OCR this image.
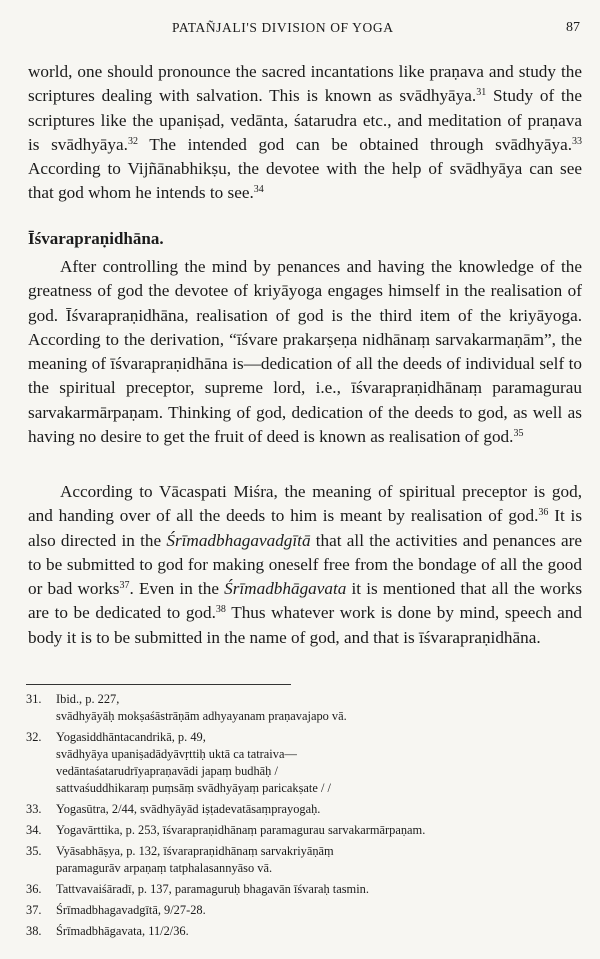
PATAÑJALI'S DIVISION OF YOGA	87

world, one should pronounce the sacred incantations like praṇava and study the scriptures dealing with salvation. This is known as svādhyāya.$^{31}$ Study of the scriptures like the upaniṣad, vedānta, śatarudra etc., and meditation of praṇava is svādhyāya.$^{32}$ The intended god can be obtained through svādhyāya.$^{33}$ According to Vijñānabhikṣu, the devotee with the help of svādhyāya can see that god whom he intends to see.$^{34}$

Īśvarapraṇidhāna.

After controlling the mind by penances and having the knowledge of the greatness of god the devotee of kriyāyoga engages himself in the realisation of god. Īśvarapraṇidhāna, realisation of god is the third item of the kriyāyoga. According to the derivation, “īśvare prakarṣeṇa nidhānaṃ sarvakarmaṇām”, the meaning of īśvarapraṇidhāna is—dedication of all the deeds of individual self to the spiritual preceptor, supreme lord, i.e., īśvarapraṇidhānaṃ paramagurau sarvakarmārpaṇam. Thinking of god, dedication of the deeds to god, as well as having no desire to get the fruit of deed is known as realisation of god.$^{35}$

According to Vācaspati Miśra, the meaning of spiritual preceptor is god, and handing over of all the deeds to him is meant by realisation of god.$^{36}$ It is also directed in the Śrīmadbhagavadgītā that all the activities and penances are to be submitted to god for making oneself free from the bondage of all the good or bad works$^{37}$. Even in the Śrīmadbhāgavata it is mentioned that all the works are to be dedicated to god.$^{38}$ Thus whatever work is done by mind, speech and body it is to be submitted in the name of god, and that is īśvarapraṇidhāna.

31. Ibid., p. 227,
svādhyāyāḥ mokṣaśāstrāṇām adhyayanam praṇavajapo vā.
32. Yogasiddhāntacandrikā, p. 49,
svādhyāya upaniṣadādyāvṛttiḥ uktā ca tatraiva—
vedāntaśatarudrīyapraṇavādi japaṃ budhāḥ /
sattvaśuddhikaraṃ puṃsāṃ svādhyāyaṃ paricakṣate / /
33. Yogasūtra, 2/44, svādhyāyād iṣṭadevatāsaṃprayogaḥ.
34. Yogavārttika, p. 253, īśvarapraṇidhānaṃ paramagurau sarvakarmārpaṇam.
35. Vyāsabhāṣya, p. 132, īśvarapraṇidhānaṃ sarvakriyāṇāṃ
paramagurāv arpaṇaṃ tatphalasannyāso vā.
36. Tattvavaiśāradī, p. 137, paramaguruḥ bhagavān īśvaraḥ tasmin.
37. Śrīmadbhagavadgītā, 9/27-28.
38. Śrīmadbhāgavata, 11/2/36.
